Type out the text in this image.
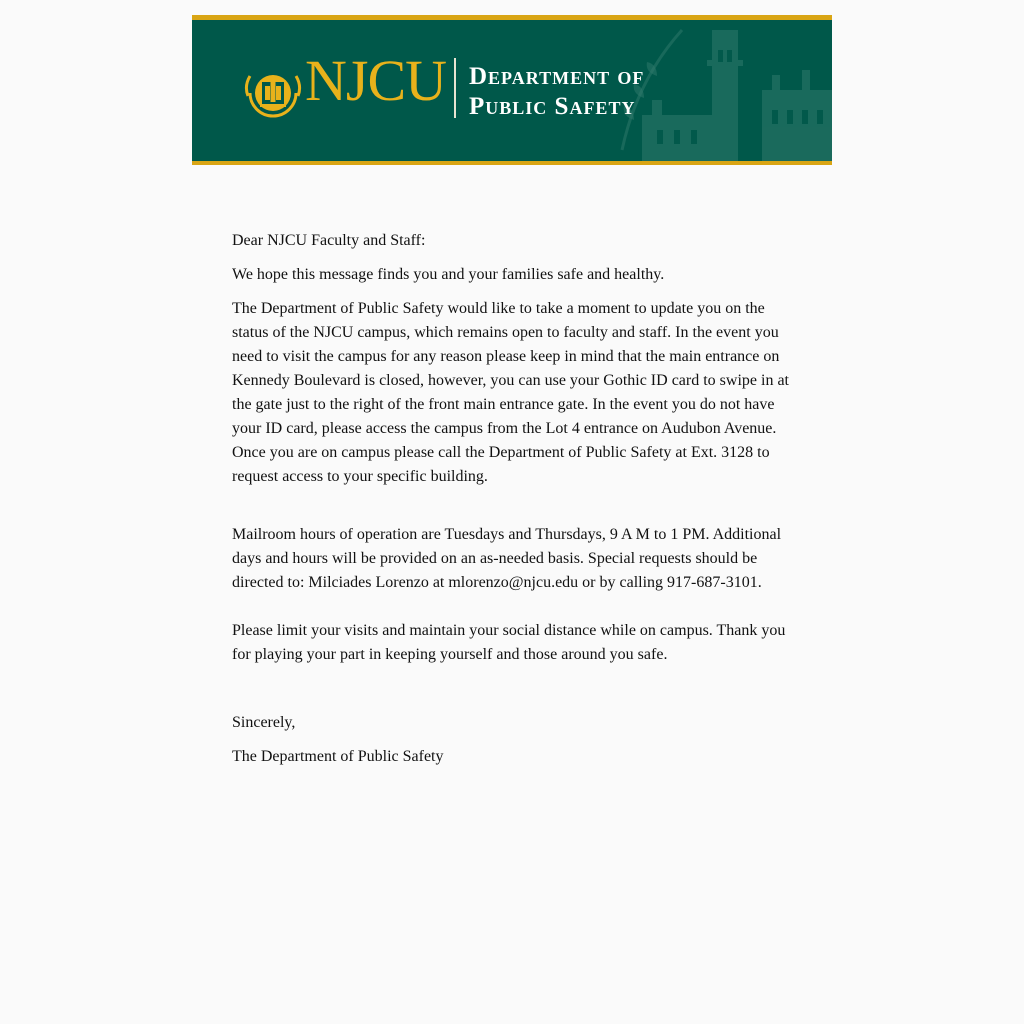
NJCU Department of
Public Safety

Dear NJCU Faculty and Staff:

We hope this message finds you and your families safe and healthy.

The Department of Public Safety would like to take a moment to update you on the status of the NJCU campus, which remains open to faculty and staff. In the event you need to visit the campus for any reason please keep in mind that the main entrance on Kennedy Boulevard is closed, however, you can use your Gothic ID card to swipe in at the gate just to the right of the front main entrance gate. In the event you do not have your ID card, please access the campus from the Lot 4 entrance on Audubon Avenue. Once you are on campus please call the Department of Public Safety at Ext. 3128 to request access to your specific building.

Mailroom hours of operation are Tuesdays and Thursdays, 9 A M to 1 PM. Additional days and hours will be provided on an as-needed basis. Special requests should be directed to: Milciades Lorenzo at mlorenzo@njcu.edu or by calling 917-687-3101.

Please limit your visits and maintain your social distance while on campus. Thank you for playing your part in keeping yourself and those around you safe.

Sincerely,

The Department of Public Safety
